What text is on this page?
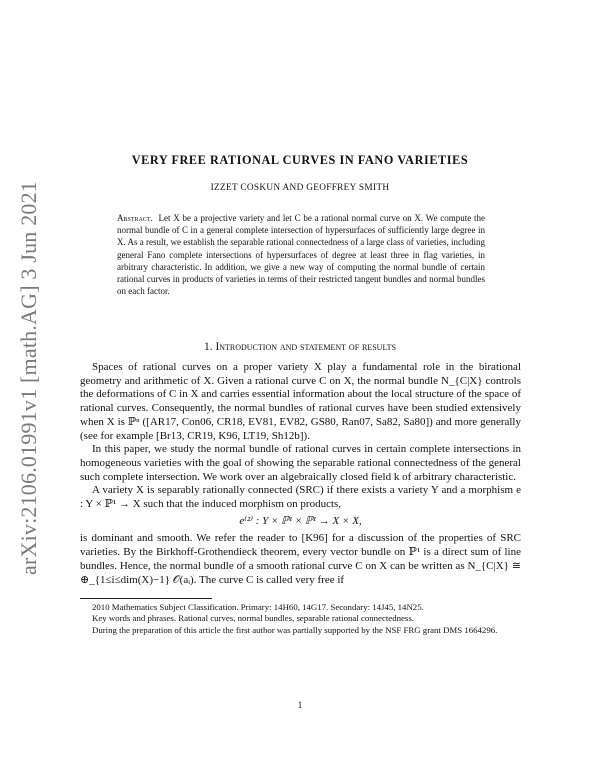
arXiv:2106.01991v1 [math.AG] 3 Jun 2021
VERY FREE RATIONAL CURVES IN FANO VARIETIES
IZZET COSKUN AND GEOFFREY SMITH

Abstract. Let X be a projective variety and let C be a rational normal curve on X. We compute the normal bundle of C in a general complete intersection of hypersurfaces of sufficiently large degree in X. As a result, we establish the separable rational connectedness of a large class of varieties, including general Fano complete intersections of hypersurfaces of degree at least three in flag varieties, in arbitrary characteristic. In addition, we give a new way of computing the normal bundle of certain rational curves in products of varieties in terms of their restricted tangent bundles and normal bundles on each factor.

1. Introduction and statement of results

Spaces of rational curves on a proper variety X play a fundamental role in the birational geometry and arithmetic of X. Given a rational curve C on X, the normal bundle N_{C|X} controls the deformations of C in X and carries essential information about the local structure of the space of rational curves. Consequently, the normal bundles of rational curves have been studied extensively when X is ℙⁿ ([AR17, Con06, CR18, EV81, EV82, GS80, Ran07, Sa82, Sa80]) and more generally (see for example [Br13, CR19, K96, LT19, Sh12b]).

In this paper, we study the normal bundle of rational curves in certain complete intersections in homogeneous varieties with the goal of showing the separable rational connectedness of the general such complete intersection. We work over an algebraically closed field k of arbitrary characteristic.

A variety X is separably rationally connected (SRC) if there exists a variety Y and a morphism e : Y × ℙ¹ → X such that the induced morphism on products,

e⁽²⁾ : Y × ℙ¹ × ℙ¹ → X × X,

is dominant and smooth. We refer the reader to [K96] for a discussion of the properties of SRC varieties. By the Birkhoff-Grothendieck theorem, every vector bundle on ℙ¹ is a direct sum of line bundles. Hence, the normal bundle of a smooth rational curve C on X can be written as N_{C|X} ≅ ⊕_{1≤i≤dim(X)−1} 𝒪(aᵢ). The curve C is called very free if

2010 Mathematics Subject Classification. Primary: 14H60, 14G17. Secondary: 14J45, 14N25.

Key words and phrases. Rational curves, normal bundles, separable rational connectedness.

During the preparation of this article the first author was partially supported by the NSF FRG grant DMS 1664296.

1
